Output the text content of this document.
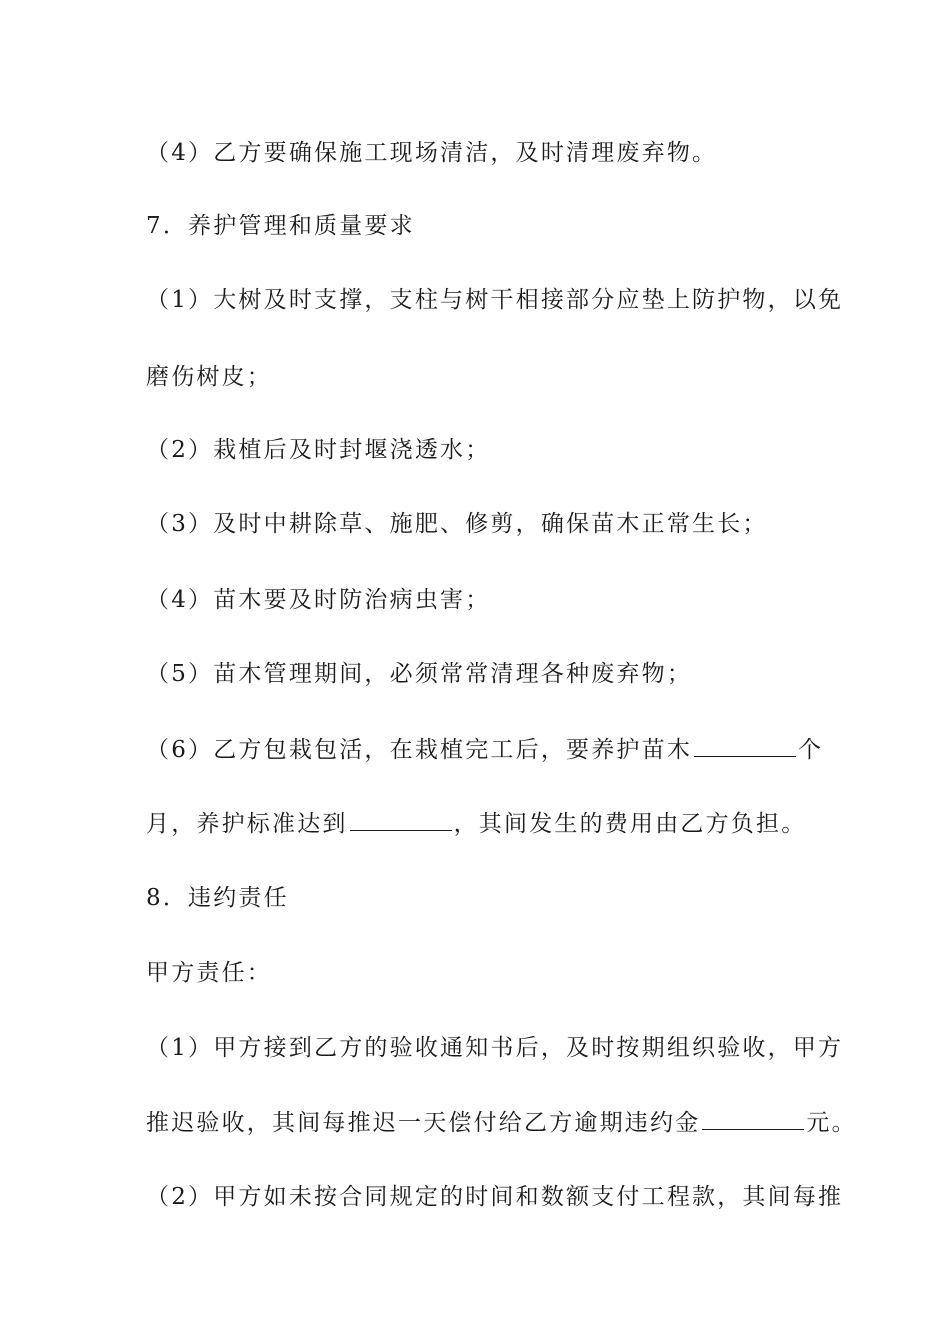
（4）乙方要确保施工现场清洁，及时清理废弃物。
7．养护管理和质量要求
（1）大树及时支撑，支柱与树干相接部分应垫上防护物，以免
磨伤树皮；
（2）栽植后及时封堰浇透水；
（3）及时中耕除草、施肥、修剪，确保苗木正常生长；
（4）苗木要及时防治病虫害；
（5）苗木管理期间，必须常常清理各种废弃物；
（6）乙方包栽包活，在栽植完工后，要养护苗木	个
月，养护标准达到	，其间发生的费用由乙方负担。
8．违约责任
甲方责任：
（1）甲方接到乙方的验收通知书后，及时按期组织验收，甲方
推迟验收，其间每推迟一天偿付给乙方逾期违约金	元。
（2）甲方如未按合同规定的时间和数额支付工程款，其间每推
